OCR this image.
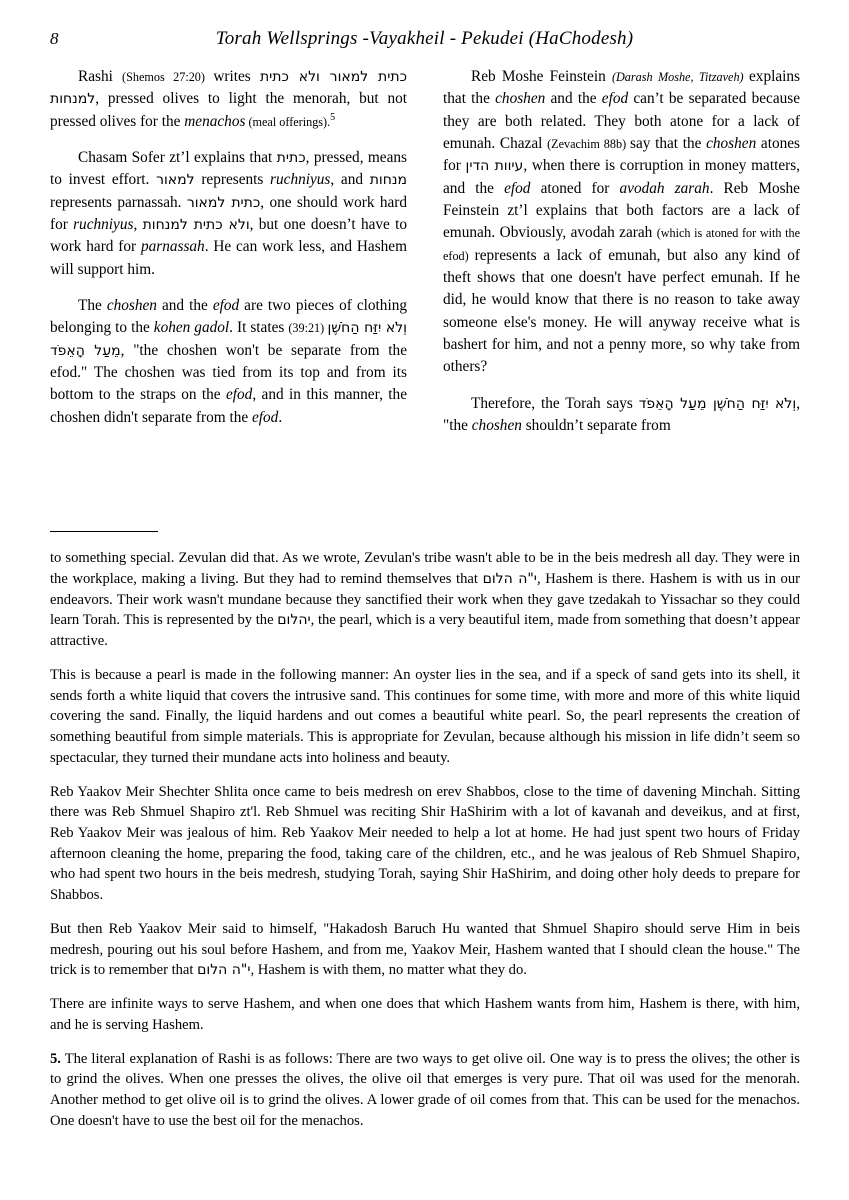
8	Torah Wellsprings -Vayakheil - Pekudei (HaChodesh)

Rashi (Shemos 27:20) writes כתית למאור ולא כתית למנחות, pressed olives to light the menorah, but not pressed olives for the menachos (meal offerings).$^5$

Chasam Sofer zt’l explains that כתית, pressed, means to invest effort. למאור represents ruchniyus, and מנחות represents parnassah. כתית למאור, one should work hard for ruchniyus, ולא כתית למנחות, but one doesn’t have to work hard for parnassah. He can work less, and Hashem will support him.

The choshen and the efod are two pieces of clothing belonging to the kohen gadol. It states (39:21) וְלֹא יִזַּח הַחֹשֶׁן מֵעַל הָאֵפֹד, "the choshen won't be separate from the efod." The choshen was tied from its top and from its bottom to the straps on the efod, and in this manner, the choshen didn't separate from the efod.

Reb Moshe Feinstein (Darash Moshe, Titzaveh) explains that the choshen and the efod can’t be separated because they are both related. They both atone for a lack of emunah. Chazal (Zevachim 88b) say that the choshen atones for עיוות הדין, when there is corruption in money matters, and the efod atoned for avodah zarah. Reb Moshe Feinstein zt’l explains that both factors are a lack of emunah. Obviously, avodah zarah (which is atoned for with the efod) represents a lack of emunah, but also any kind of theft shows that one doesn't have perfect emunah. If he did, he would know that there is no reason to take away someone else's money. He will anyway receive what is bashert for him, and not a penny more, so why take from others?

Therefore, the Torah says וְלֹא יִזַּח הַחֹשֶׁן מֵעַל הָאֵפֹד, "the choshen shouldn’t separate from

to something special. Zevulan did that. As we wrote, Zevulan's tribe wasn't able to be in the beis medresh all day. They were in the workplace, making a living. But they had to remind themselves that י"ה הלום, Hashem is there. Hashem is with us in our endeavors. Their work wasn't mundane because they sanctified their work when they gave tzedakah to Yissachar so they could learn Torah. This is represented by the יהלום, the pearl, which is a very beautiful item, made from something that doesn’t appear attractive.

This is because a pearl is made in the following manner: An oyster lies in the sea, and if a speck of sand gets into its shell, it sends forth a white liquid that covers the intrusive sand. This continues for some time, with more and more of this white liquid covering the sand. Finally, the liquid hardens and out comes a beautiful white pearl. So, the pearl represents the creation of something beautiful from simple materials. This is appropriate for Zevulan, because although his mission in life didn’t seem so spectacular, they turned their mundane acts into holiness and beauty.

Reb Yaakov Meir Shechter Shlita once came to beis medresh on erev Shabbos, close to the time of davening Minchah. Sitting there was Reb Shmuel Shapiro zt'l. Reb Shmuel was reciting Shir HaShirim with a lot of kavanah and deveikus, and at first, Reb Yaakov Meir was jealous of him. Reb Yaakov Meir needed to help a lot at home. He had just spent two hours of Friday afternoon cleaning the home, preparing the food, taking care of the children, etc., and he was jealous of Reb Shmuel Shapiro, who had spent two hours in the beis medresh, studying Torah, saying Shir HaShirim, and doing other holy deeds to prepare for Shabbos.

But then Reb Yaakov Meir said to himself, "Hakadosh Baruch Hu wanted that Shmuel Shapiro should serve Him in beis medresh, pouring out his soul before Hashem, and from me, Yaakov Meir, Hashem wanted that I should clean the house." The trick is to remember that י"ה הלום, Hashem is with them, no matter what they do.

There are infinite ways to serve Hashem, and when one does that which Hashem wants from him, Hashem is there, with him, and he is serving Hashem.

5. The literal explanation of Rashi is as follows: There are two ways to get olive oil. One way is to press the olives; the other is to grind the olives. When one presses the olives, the olive oil that emerges is very pure. That oil was used for the menorah. Another method to get olive oil is to grind the olives. A lower grade of oil comes from that. This can be used for the menachos. One doesn't have to use the best oil for the menachos.
